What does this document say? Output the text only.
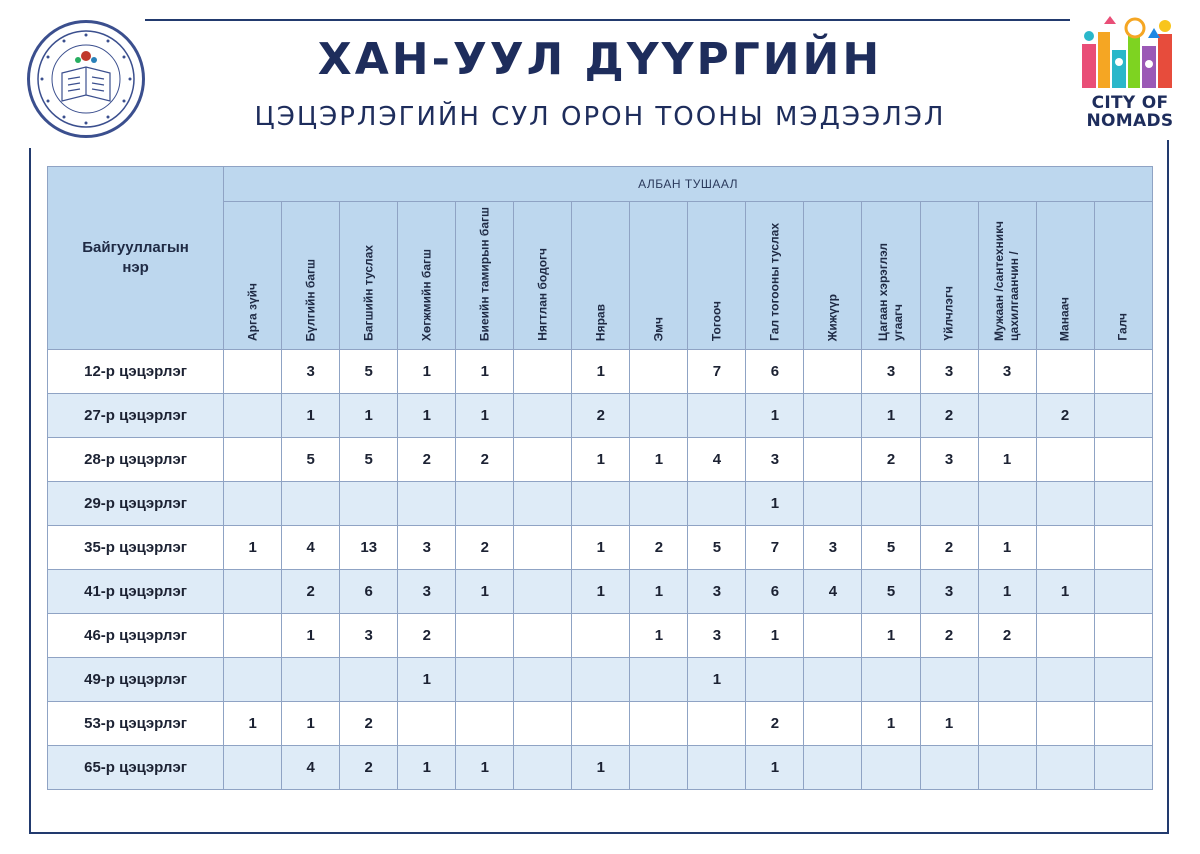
ХАН-УУЛ ДҮҮРГИЙН
ЦЭЦЭРЛЭГИЙН СУЛ ОРОН ТООНЫ МЭДЭЭЛЭЛ	CITY OF
NOMADS
Байгууллагын
нэр	АЛБАН ТУШААЛ															

	Арга зүйч	Бүлгийн багш	Багшийн туслах	Хөгжмийн багш	Биеийн тамирын багш	Нягтлан бодогч	Нярав	Эмч	Тогооч	Гал тогооны туслах	Жижүүр	Цагаан хэрэглэл угаагч	Үйлчлэгч	Мужаан /сантехникч цахилгаанчин /	Манаач	Галч

12-р цэцэрлэг		3	5	1	1		1		7	6		3	3	3		
27-р цэцэрлэг		1	1	1	1		2			1		1	2		2	
28-р цэцэрлэг		5	5	2	2		1	1	4	3		2	3	1		
29-р цэцэрлэг										1						
35-р цэцэрлэг	1	4	13	3	2		1	2	5	7	3	5	2	1		
41-р цэцэрлэг		2	6	3	1		1	1	3	6	4	5	3	1	1	
46-р цэцэрлэг		1	3	2				1	3	1		1	2	2		
49-р цэцэрлэг				1					1							
53-р цэцэрлэг	1	1	2							2		1	1			
65-р цэцэрлэг		4	2	1	1		1			1						
